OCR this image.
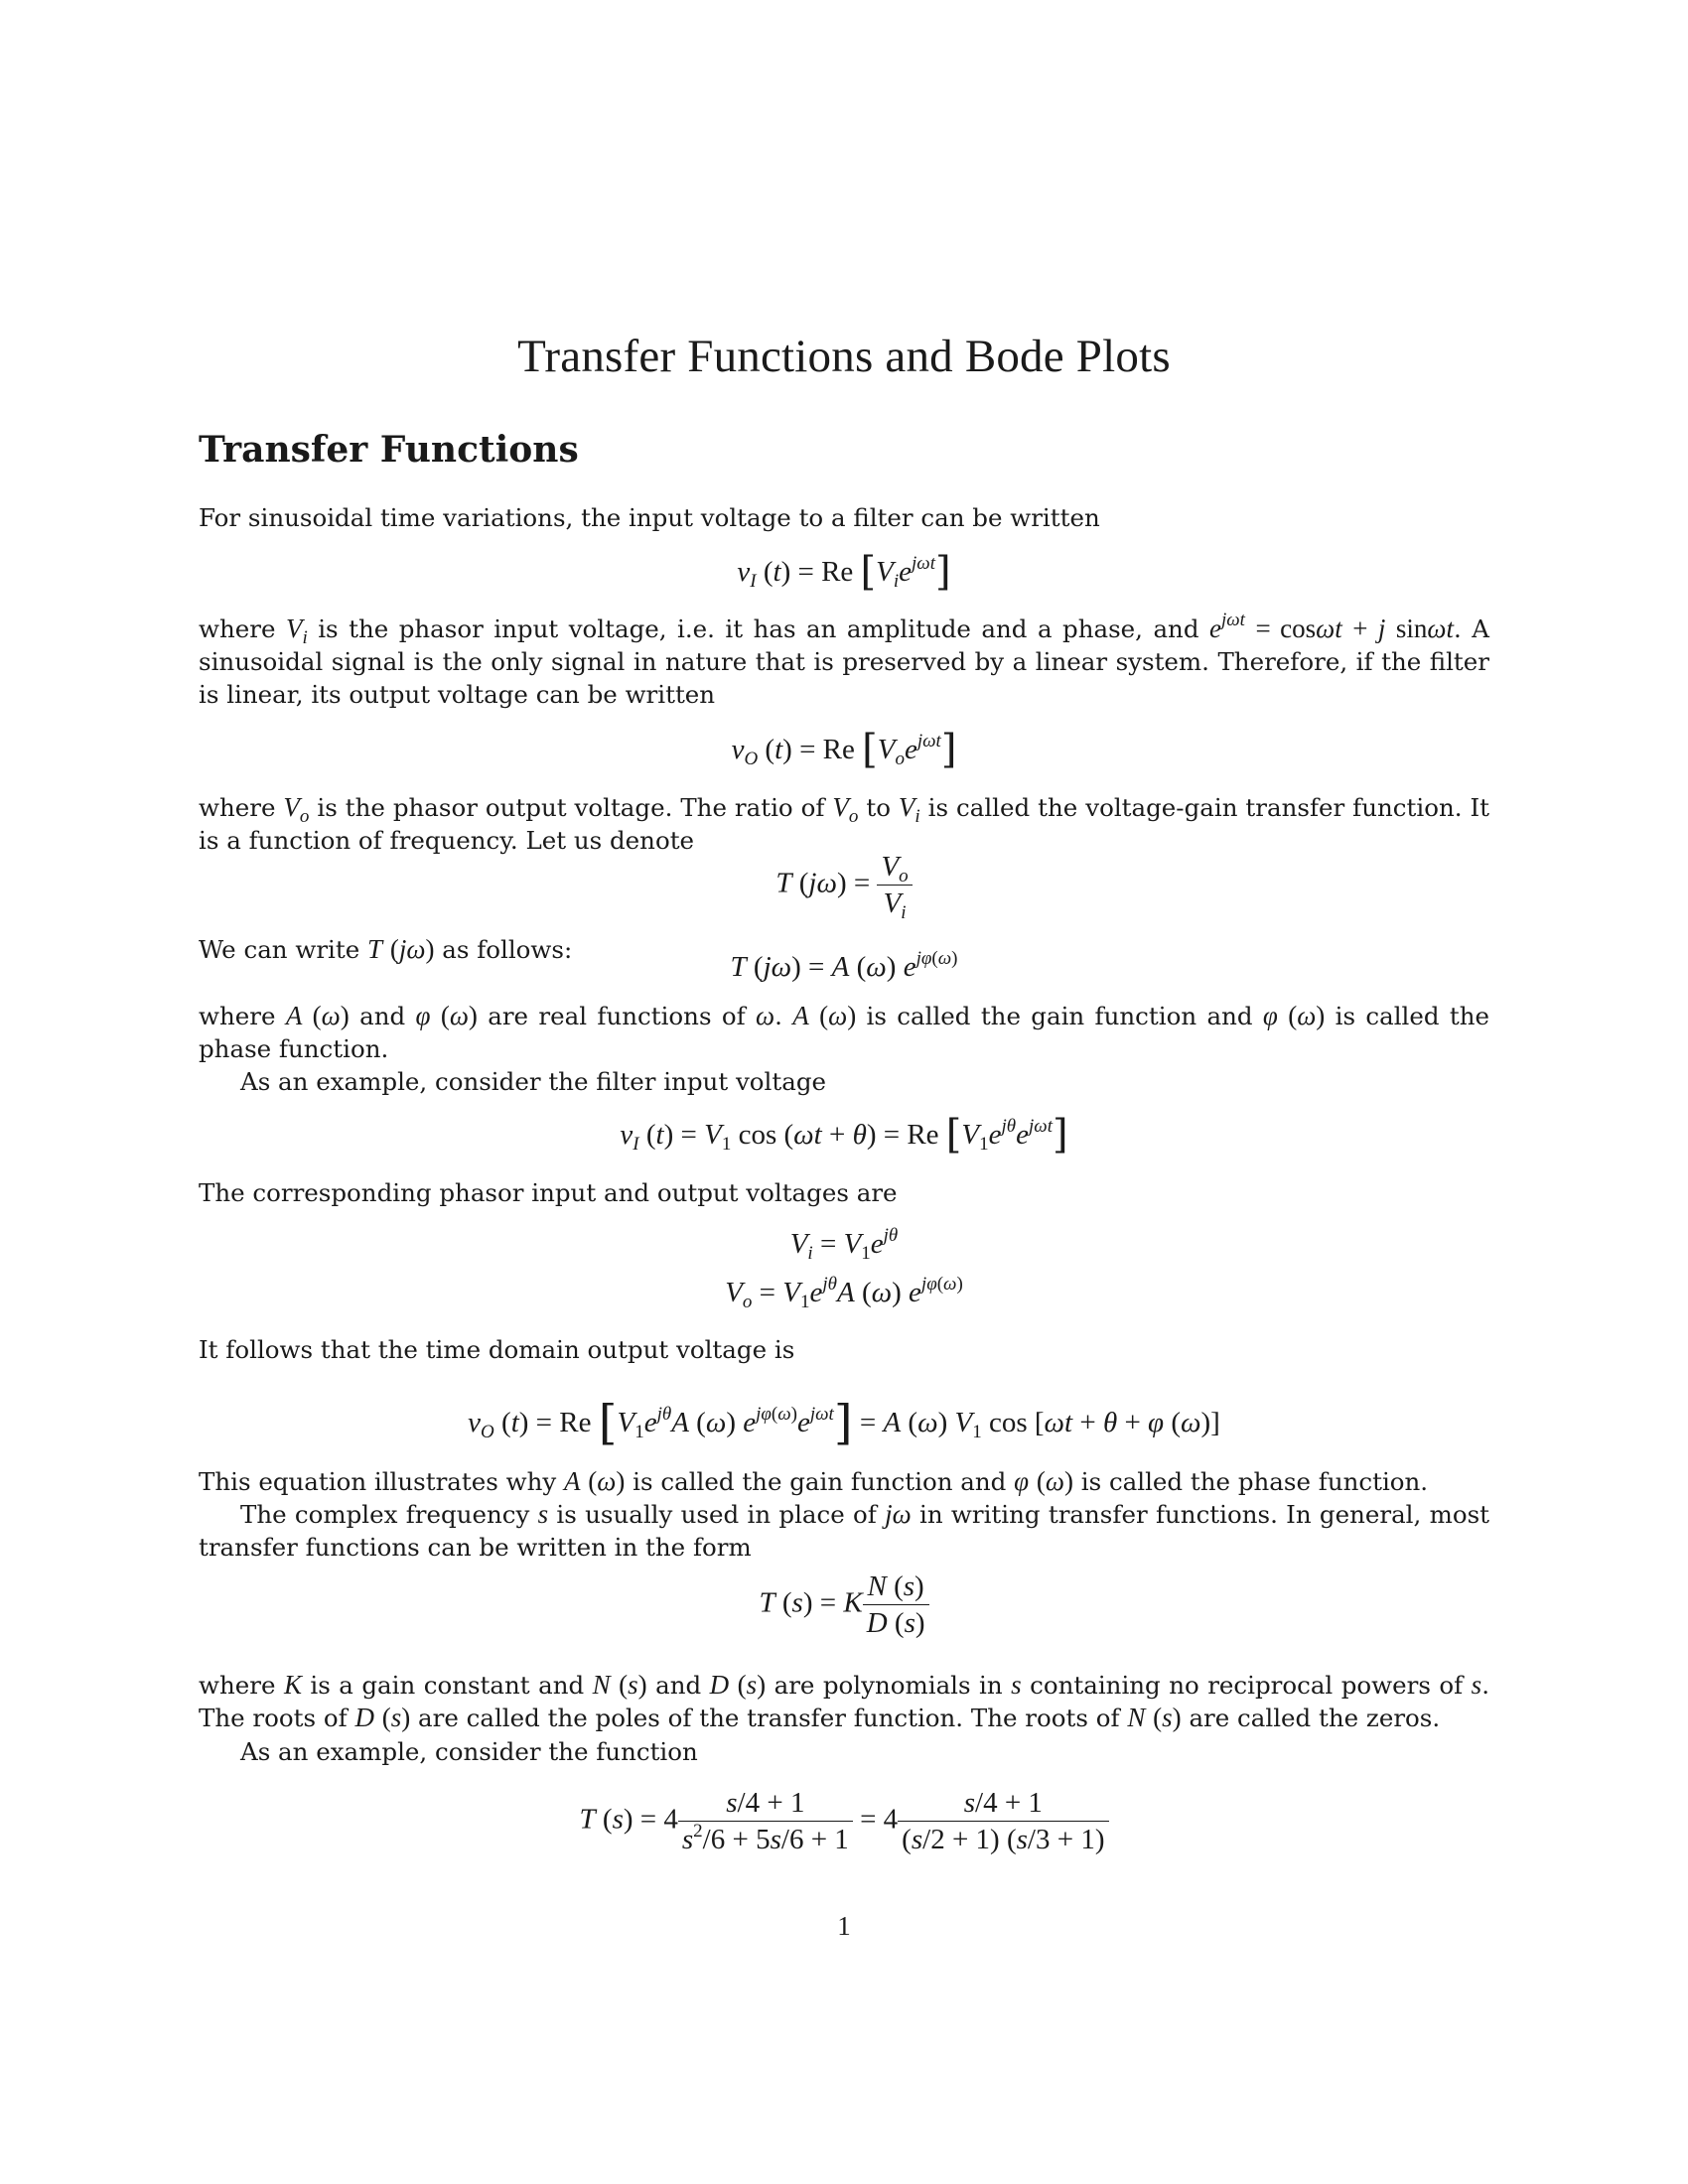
Transfer Functions and Bode Plots
Transfer Functions
For sinusoidal time variations, the input voltage to a filter can be written
$v_I$ (t) = Re $[V_ie^{j\omega t}]$
where $V_i$ is the phasor input voltage, i.e. it has an amplitude and a phase, and $e^{j\omega t} = \cos\omega t + j$ sinωt. A sinusoidal signal is the only signal in nature that is preserved by a linear system. Therefore, if the filter is linear, its output voltage can be written
$v_O$ (t) = Re $[V_oe^{j\omega t}]$
where $V_o$ is the phasor output voltage. The ratio of $V_o$ to $V_i$ is called the voltage-gain transfer function. It is a function of frequency. Let us denote
T $(j\omega) = \frac{V_o}{V_i}$
We can write T (jω) as follows:
T (jω) = A (ω) $e^{j\varphi(\omega)}$
where A (ω) and φ (ω) are real functions of ω. A (ω) is called the gain function and φ (ω) is called the phase function.
As an example, consider the filter input voltage
$v_I$ $(t) = V_1$ cos (ωt + θ) = Re $[V_1e^{j\theta}e^{j\omega t}]$
The corresponding phasor input and output voltages are
$V_i = V_1e^{j\theta}$
$V_o = V_1e^{j\theta}A$ (ω) $e^{j\varphi(\omega)}$
It follows that the time domain output voltage is
$v_O$ (t) = Re [$V_1e^{j\theta}A$ (ω) $e^{j\varphi(\omega)}e^{j\omega t}] = A$ (ω) $V_1$ cos [ωt + θ + φ (ω)]
This equation illustrates why A (ω) is called the gain function and φ (ω) is called the phase function.
The complex frequency s is usually used in place of jω in writing transfer functions. In general, most transfer functions can be written in the form
T (s) = K $\frac{N (s)}{D (s)}$
where K is a gain constant and N (s) and D (s) are polynomials in s containing no reciprocal powers of s. The roots of D (s) are called the poles of the transfer function. The roots of N (s) are called the zeros.
As an example, consider the function
T $(s) = 4 \frac{s/4 + 1}{s^2/6 + 5s/6 + 1} = 4 \frac{s/4 + 1}{(s/2 + 1) (s/3 + 1)}$
1
